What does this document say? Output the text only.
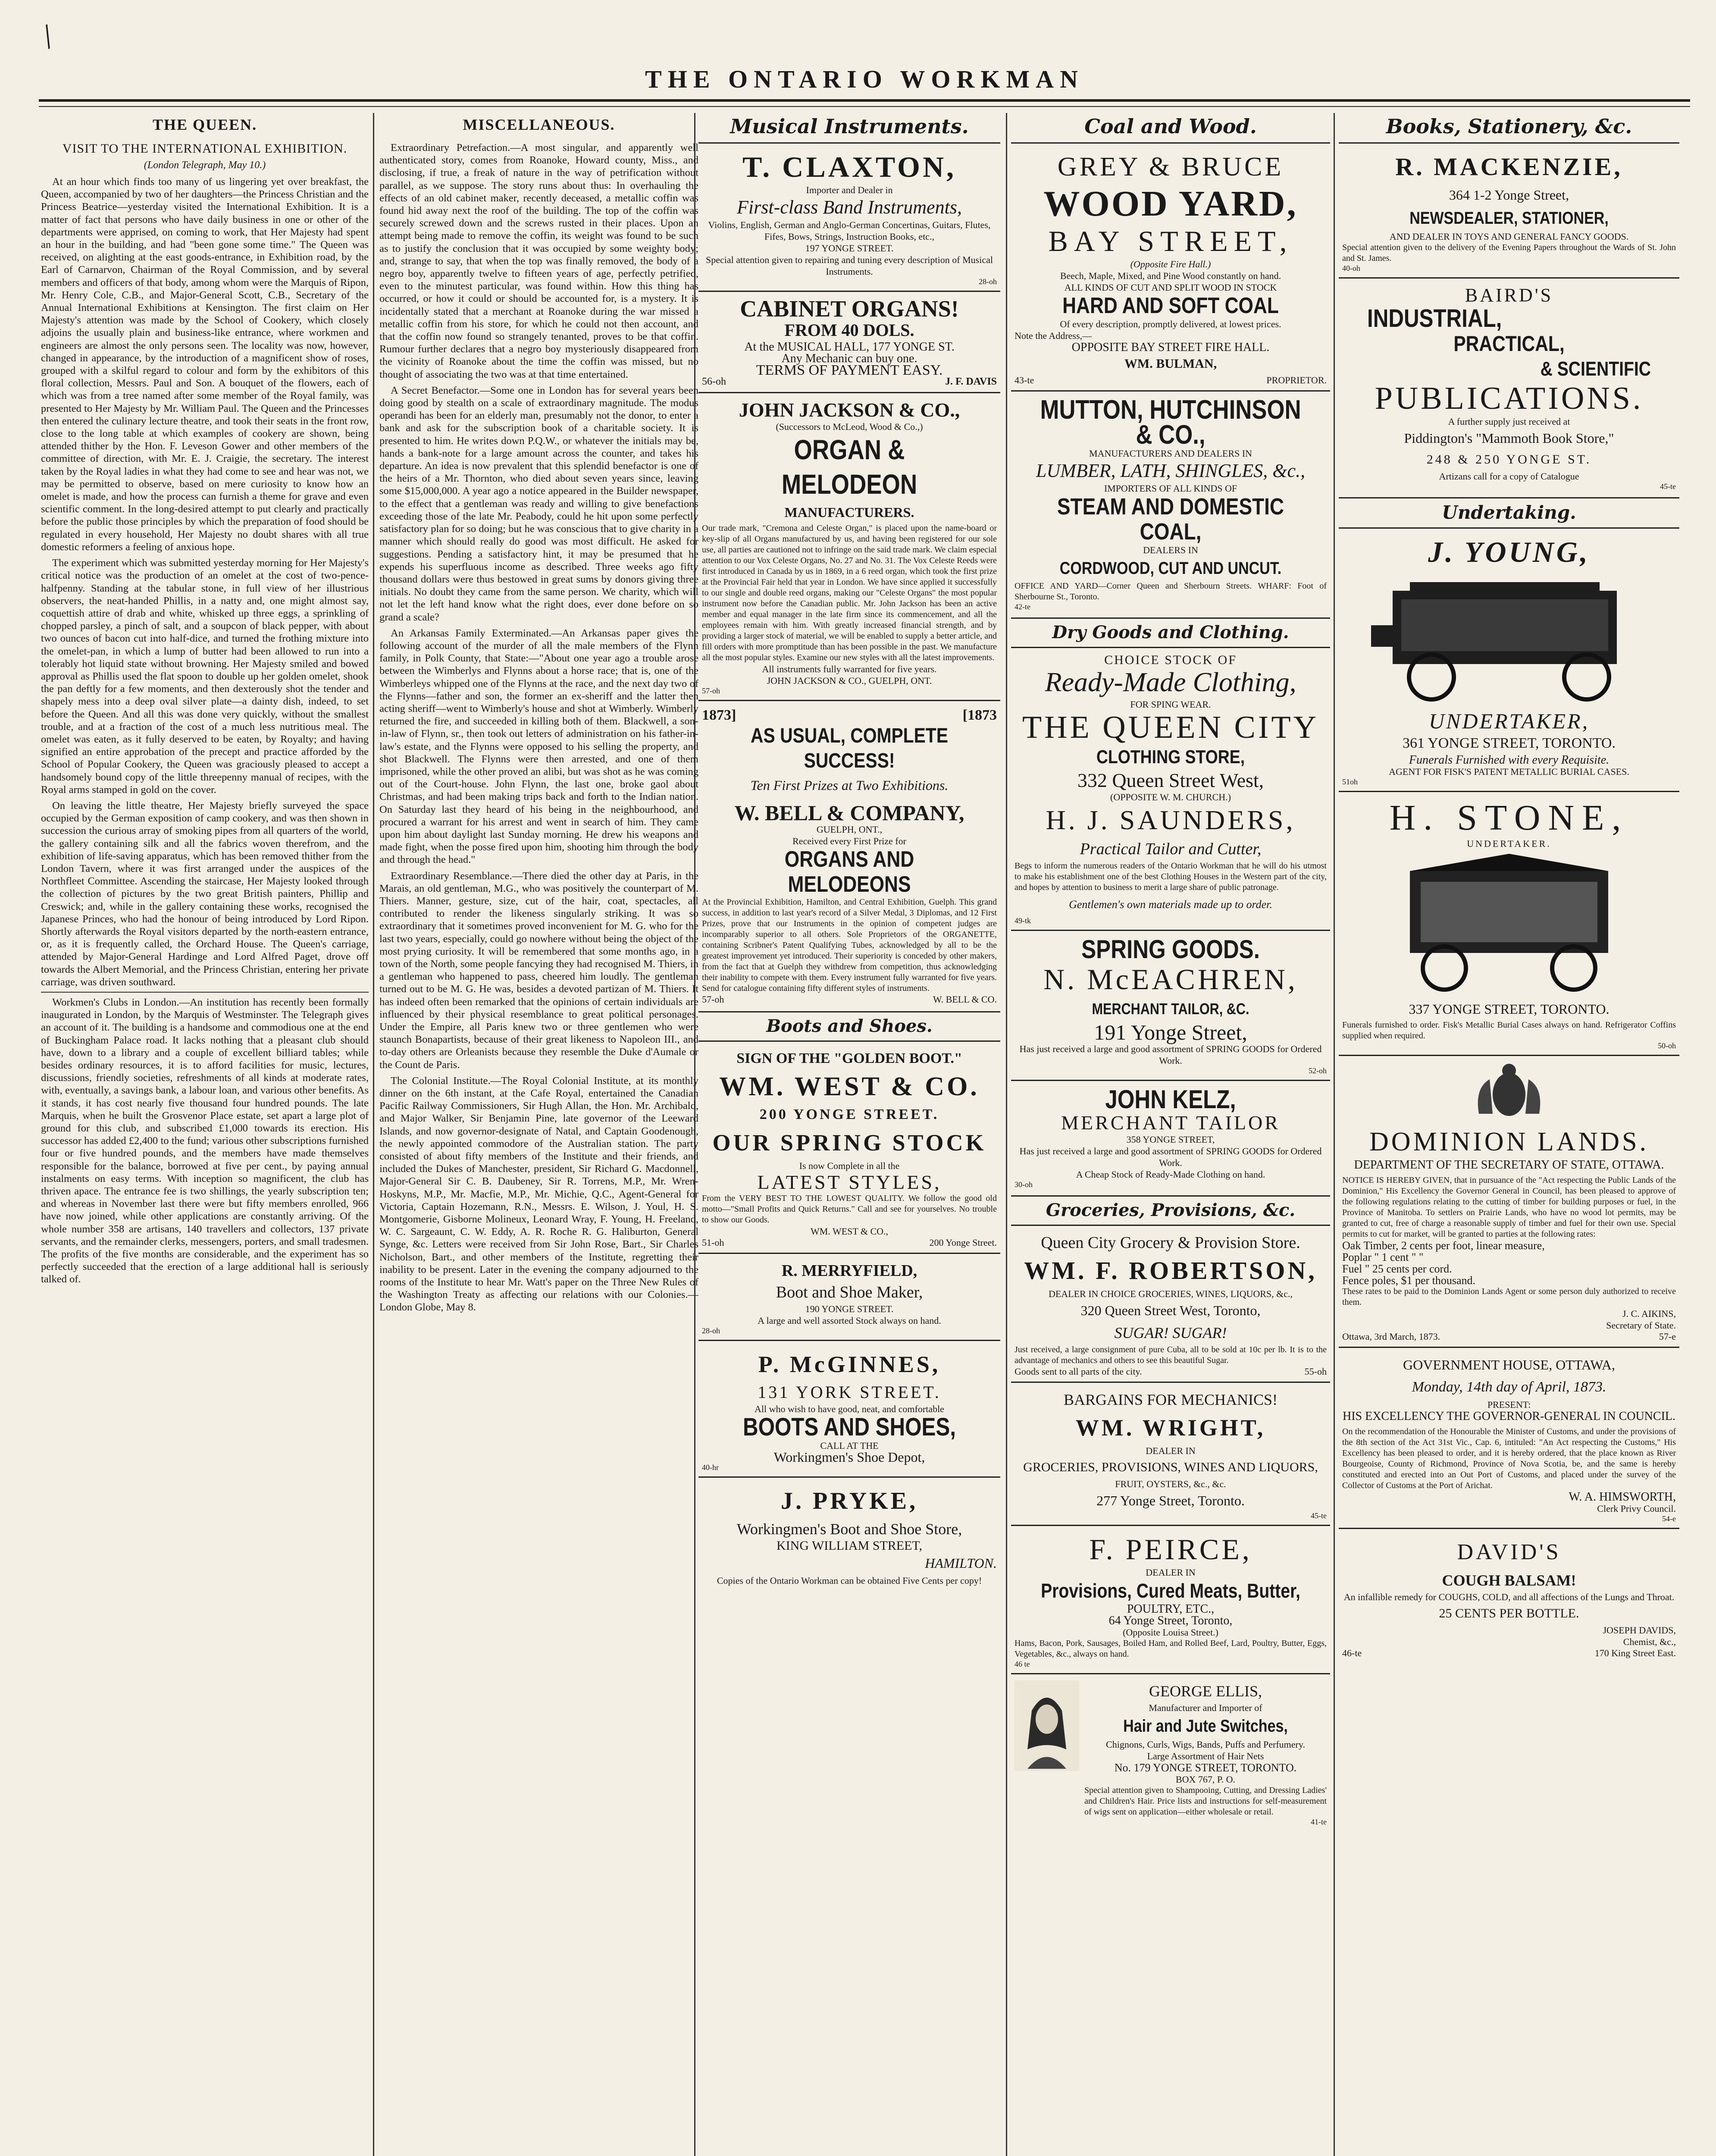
/
THE ONTARIO WORKMAN
THE QUEEN.
VISIT TO THE INTERNATIONAL EXHIBITION.
(London Telegraph, May 10.)

At an hour which finds too many of us lingering yet over breakfast, the Queen, accompanied by two of her daughters—the Princess Christian and the Princess Beatrice—yesterday visited the International Exhibition. It is a matter of fact that persons who have daily business in one or other of the departments were apprised, on coming to work, that Her Majesty had spent an hour in the building, and had "been gone some time." The Queen was received, on alighting at the east goods-entrance, in Exhibition road, by the Earl of Carnarvon, Chairman of the Royal Commission, and by several members and officers of that body, among whom were the Marquis of Ripon, Mr. Henry Cole, C.B., and Major-General Scott, C.B., Secretary of the Annual International Exhibitions at Kensington. The first claim on Her Majesty's attention was made by the School of Cookery, which closely adjoins the usually plain and business-like entrance, where workmen and engineers are almost the only persons seen. The locality was now, however, changed in appearance, by the introduction of a magnificent show of roses, grouped with a skilful regard to colour and form by the exhibitors of this floral collection, Messrs. Paul and Son. A bouquet of the flowers, each of which was from a tree named after some member of the Royal family, was presented to Her Majesty by Mr. William Paul. The Queen and the Princesses then entered the culinary lecture theatre, and took their seats in the front row, close to the long table at which examples of cookery are shown, being attended thither by the Hon. F. Leveson Gower and other members of the committee of direction, with Mr. E. J. Craigie, the secretary. The interest taken by the Royal ladies in what they had come to see and hear was not, we may be permitted to observe, based on mere curiosity to know how an omelet is made, and how the process can furnish a theme for grave and even scientific comment. In the long-desired attempt to put clearly and practically before the public those principles by which the preparation of food should be regulated in every household, Her Majesty no doubt shares with all true domestic reformers a feeling of anxious hope.

The experiment which was submitted yesterday morning for Her Majesty's critical notice was the production of an omelet at the cost of two-pence-halfpenny. Standing at the tabular stone, in full view of her illustrious observers, the neat-handed Phillis, in a natty and, one might almost say, coquettish attire of drab and white, whisked up three eggs, a sprinkling of chopped parsley, a pinch of salt, and a soupcon of black pepper, with about two ounces of bacon cut into half-dice, and turned the frothing mixture into the omelet-pan, in which a lump of butter had been allowed to run into a tolerably hot liquid state without browning. Her Majesty smiled and bowed approval as Phillis used the flat spoon to double up her golden omelet, shook the pan deftly for a few moments, and then dexterously shot the tender and shapely mess into a deep oval silver plate—a dainty dish, indeed, to set before the Queen. And all this was done very quickly, without the smallest trouble, and at a fraction of the cost of a much less nutritious meal. The omelet was eaten, as it fully deserved to be eaten, by Royalty; and having signified an entire approbation of the precept and practice afforded by the School of Popular Cookery, the Queen was graciously pleased to accept a handsomely bound copy of the little threepenny manual of recipes, with the Royal arms stamped in gold on the cover.

On leaving the little theatre, Her Majesty briefly surveyed the space occupied by the German exposition of camp cookery, and was then shown in succession the curious array of smoking pipes from all quarters of the world, the gallery containing silk and all the fabrics woven therefrom, and the exhibition of life-saving apparatus, which has been removed thither from the London Tavern, where it was first arranged under the auspices of the Northfleet Committee. Ascending the staircase, Her Majesty looked through the collection of pictures by the two great British painters, Phillip and Creswick; and, while in the gallery containing these works, recognised the Japanese Princes, who had the honour of being introduced by Lord Ripon. Shortly afterwards the Royal visitors departed by the north-eastern entrance, or, as it is frequently called, the Orchard House. The Queen's carriage, attended by Major-General Hardinge and Lord Alfred Paget, drove off towards the Albert Memorial, and the Princess Christian, entering her private carriage, was driven southward.

Workmen's Clubs in London.—An institution has recently been formally inaugurated in London, by the Marquis of Westminster. The Telegraph gives an account of it. The building is a handsome and commodious one at the end of Buckingham Palace road. It lacks nothing that a pleasant club should have, down to a library and a couple of excellent billiard tables; while besides ordinary resources, it is to afford facilities for music, lectures, discussions, friendly societies, refreshments of all kinds at moderate rates, with, eventually, a savings bank, a labour loan, and various other benefits. As it stands, it has cost nearly five thousand four hundred pounds. The late Marquis, when he built the Grosvenor Place estate, set apart a large plot of ground for this club, and subscribed £1,000 towards its erection. His successor has added £2,400 to the fund; various other subscriptions furnished four or five hundred pounds, and the members have made themselves responsible for the balance, borrowed at five per cent., by paying annual instalments on easy terms. With inception so magnificent, the club has thriven apace. The entrance fee is two shillings, the yearly subscription ten; and whereas in November last there were but fifty members enrolled, 966 have now joined, while other applications are constantly arriving. Of the whole number 358 are artisans, 140 travellers and collectors, 137 private servants, and the remainder clerks, messengers, porters, and small tradesmen. The profits of the five months are considerable, and the experiment has so perfectly succeeded that the erection of a large additional hall is seriously talked of.

MISCELLANEOUS.

Extraordinary Petrefaction.—A most singular, and apparently well authenticated story, comes from Roanoke, Howard county, Miss., and disclosing, if true, a freak of nature in the way of petrification without parallel, as we suppose. The story runs about thus: In overhauling the effects of an old cabinet maker, recently deceased, a metallic coffin was found hid away next the roof of the building. The top of the coffin was securely screwed down and the screws rusted in their places. Upon an attempt being made to remove the coffin, its weight was found to be such as to justify the conclusion that it was occupied by some weighty body; and, strange to say, that when the top was finally removed, the body of a negro boy, apparently twelve to fifteen years of age, perfectly petrified, even to the minutest particular, was found within. How this thing has occurred, or how it could or should be accounted for, is a mystery. It is incidentally stated that a merchant at Roanoke during the war missed a metallic coffin from his store, for which he could not then account, and that the coffin now found so strangely tenanted, proves to be that coffin. Rumour further declares that a negro boy mysteriously disappeared from the vicinity of Roanoke about the time the coffin was missed, but no thought of associating the two was at that time entertained.

A Secret Benefactor.—Some one in London has for several years been doing good by stealth on a scale of extraordinary magnitude. The modus operandi has been for an elderly man, presumably not the donor, to enter a bank and ask for the subscription book of a charitable society. It is presented to him. He writes down P.Q.W., or whatever the initials may be, hands a bank-note for a large amount across the counter, and takes his departure. An idea is now prevalent that this splendid benefactor is one of the heirs of a Mr. Thornton, who died about seven years since, leaving some $15,000,000. A year ago a notice appeared in the Builder newspaper, to the effect that a gentleman was ready and willing to give benefactions exceeding those of the late Mr. Peabody, could he hit upon some perfectly satisfactory plan for so doing; but he was conscious that to give charity in a manner which should really do good was most difficult. He asked for suggestions. Pending a satisfactory hint, it may be presumed that he expends his superfluous income as described. Three weeks ago fifty thousand dollars were thus bestowed in great sums by donors giving three initials. No doubt they came from the same person. We charity, which will not let the left hand know what the right does, ever done before on so grand a scale?

An Arkansas Family Exterminated.—An Arkansas paper gives the following account of the murder of all the male members of the Flynn family, in Polk County, that State:—"About one year ago a trouble arose between the Wimberlys and Flynns about a horse race; that is, one of the Wimberleys whipped one of the Flynns at the race, and the next day two of the Flynns—father and son, the former an ex-sheriff and the latter then acting sheriff—went to Wimberly's house and shot at Wimberly. Wimberly returned the fire, and succeeded in killing both of them. Blackwell, a son-in-law of Flynn, sr., then took out letters of administration on his father-in-law's estate, and the Flynns were opposed to his selling the property, and shot Blackwell. The Flynns were then arrested, and one of them imprisoned, while the other proved an alibi, but was shot as he was coming out of the Court-house. John Flynn, the last one, broke gaol about Christmas, and had been making trips back and forth to the Indian nation. On Saturday last they heard of his being in the neighbourhood, and procured a warrant for his arrest and went in search of him. They came upon him about daylight last Sunday morning. He drew his weapons and made fight, when the posse fired upon him, shooting him through the body and through the head."

Extraordinary Resemblance.—There died the other day at Paris, in the Marais, an old gentleman, M.G., who was positively the counterpart of M. Thiers. Manner, gesture, size, cut of the hair, coat, spectacles, all contributed to render the likeness singularly striking. It was so extraordinary that it sometimes proved inconvenient for M. G. who for the last two years, especially, could go nowhere without being the object of the most prying curiosity. It will be remembered that some months ago, in a town of the North, some people fancying they had recognised M. Thiers, in a gentleman who happened to pass, cheered him loudly. The gentleman turned out to be M. G. He was, besides a devoted partizan of M. Thiers. It has indeed often been remarked that the opinions of certain individuals are influenced by their physical resemblance to great political personages. Under the Empire, all Paris knew two or three gentlemen who were staunch Bonapartists, because of their great likeness to Napoleon III., and to-day others are Orleanists because they resemble the Duke d'Aumale or the Count de Paris.

The Colonial Institute.—The Royal Colonial Institute, at its monthly dinner on the 6th instant, at the Cafe Royal, entertained the Canadian Pacific Railway Commissioners, Sir Hugh Allan, the Hon. Mr. Archibald, and Major Walker, Sir Benjamin Pine, late governor of the Leeward Islands, and now governor-designate of Natal, and Captain Goodenough, the newly appointed commodore of the Australian station. The party consisted of about fifty members of the Institute and their friends, and included the Dukes of Manchester, president, Sir Richard G. Macdonnell, Major-General Sir C. B. Daubeney, Sir R. Torrens, M.P., Mr. Wren-Hoskyns, M.P., Mr. Macfie, M.P., Mr. Michie, Q.C., Agent-General for Victoria, Captain Hozemann, R.N., Messrs. E. Wilson, J. Youl, H. S. Montgomerie, Gisborne Molineux, Leonard Wray, F. Young, H. Freeland, W. C. Sargeaunt, C. W. Eddy, A. R. Roche R. G. Haliburton, General Synge, &c. Letters were received from Sir John Rose, Bart., Sir Charles Nicholson, Bart., and other members of the Institute, regretting their inability to be present. Later in the evening the company adjourned to the rooms of the Institute to hear Mr. Watt's paper on the Three New Rules of the Washington Treaty as affecting our relations with our Colonies.—London Globe, May 8.

Musical Instruments.
T. CLAXTON,
Importer and Dealer in
First-class Band Instruments,
Violins, English, German and Anglo-German Concertinas, Guitars, Flutes, Fifes, Bows, Strings, Instruction Books, etc.,
197 YONGE STREET.
Special attention given to repairing and tuning every description of Musical Instruments.
28-oh
CABINET ORGANS!
FROM 40 DOLS.
At the MUSICAL HALL, 177 YONGE ST.
Any Mechanic can buy one.
TERMS OF PAYMENT EASY.
56-oh	J. F. DAVIS
JOHN JACKSON & CO.,
(Successors to McLeod, Wood & Co.,)
ORGAN & MELODEON
MANUFACTURERS.
Our trade mark, "Cremona and Celeste Organ," is placed upon the name-board or key-slip of all Organs manufactured by us, and having been registered for our sole use, all parties are cautioned not to infringe on the said trade mark. We claim especial attention to our Vox Celeste Organs, No. 27 and No. 31. The Vox Celeste Reeds were first introduced in Canada by us in 1869, in a 6 reed organ, which took the first prize at the Provincial Fair held that year in London. We have since applied it successfully to our single and double reed organs, making our "Celeste Organs" the most popular instrument now before the Canadian public. Mr. John Jackson has been an active member and equal manager in the late firm since its commencement, and all the employees remain with him. With greatly increased financial strength, and by providing a larger stock of material, we will be enabled to supply a better article, and fill orders with more promptitude than has been possible in the past. We manufacture all the most popular styles. Examine our new styles with all the latest improvements.
All instruments fully warranted for five years.
JOHN JACKSON & CO., GUELPH, ONT.
57-oh
1873]	[1873
AS USUAL, COMPLETE SUCCESS!
Ten First Prizes at Two Exhibitions.
W. BELL & COMPANY,
GUELPH, ONT.,
Received every First Prize for
ORGANS AND MELODEONS
At the Provincial Exhibition, Hamilton, and Central Exhibition, Guelph. This grand success, in addition to last year's record of a Silver Medal, 3 Diplomas, and 12 First Prizes, prove that our Instruments in the opinion of competent judges are incomparably superior to all others. Sole Proprietors of the ORGANETTE, containing Scribner's Patent Qualifying Tubes, acknowledged by all to be the greatest improvement yet introduced. Their superiority is conceded by other makers, from the fact that at Guelph they withdrew from competition, thus acknowledging their inability to compete with them. Every instrument fully warranted for five years. Send for catalogue containing fifty different styles of instruments.
57-oh	W. BELL & CO.
Boots and Shoes.
SIGN OF THE "GOLDEN BOOT."
WM. WEST & CO.
200 YONGE STREET.
OUR SPRING STOCK
Is now Complete in all the
LATEST STYLES,
From the VERY BEST TO THE LOWEST QUALITY. We follow the good old motto—"Small Profits and Quick Returns." Call and see for yourselves. No trouble to show our Goods.
WM. WEST & CO.,
51-oh	200 Yonge Street.
R. MERRYFIELD,
Boot and Shoe Maker,
190 YONGE STREET.
A large and well assorted Stock always on hand.
28-oh
P. McGINNES,
131 YORK STREET.
All who wish to have good, neat, and comfortable
BOOTS AND SHOES,
CALL AT THE
Workingmen's Shoe Depot,
40-hr
J. PRYKE,
Workingmen's Boot and Shoe Store,
KING WILLIAM STREET,
HAMILTON.
Copies of the Ontario Workman can be obtained Five Cents per copy!
Coal and Wood.
GREY & BRUCE
WOOD YARD,
BAY STREET,
(Opposite Fire Hall.)
Beech, Maple, Mixed, and Pine Wood constantly on hand.
ALL KINDS OF CUT AND SPLIT WOOD IN STOCK
HARD AND SOFT COAL
Of every description, promptly delivered, at lowest prices.
Note the Address,—
OPPOSITE BAY STREET FIRE HALL.
WM. BULMAN,
43-te	PROPRIETOR.
MUTTON, HUTCHINSON & CO.,
MANUFACTURERS AND DEALERS IN
LUMBER, LATH, SHINGLES, &c.,
IMPORTERS OF ALL KINDS OF
STEAM AND DOMESTIC COAL,
DEALERS IN
CORDWOOD, CUT AND UNCUT.
OFFICE AND YARD—Corner Queen and Sherbourn Streets. WHARF: Foot of Sherbourne St., Toronto.
42-te
Dry Goods and Clothing.
CHOICE STOCK OF
Ready-Made Clothing,
FOR SPING WEAR.
THE QUEEN CITY
CLOTHING STORE,
332 Queen Street West,
(OPPOSITE W. M. CHURCH.)
H. J. SAUNDERS,
Practical Tailor and Cutter,
Begs to inform the numerous readers of the Ontario Workman that he will do his utmost to make his establishment one of the best Clothing Houses in the Western part of the city, and hopes by attention to business to merit a large share of public patronage.
Gentlemen's own materials made up to order.
49-tk
SPRING GOODS.
N. McEACHREN,
MERCHANT TAILOR, &C.
191 Yonge Street,
Has just received a large and good assortment of SPRING GOODS for Ordered Work.
52-oh
JOHN KELZ,
MERCHANT TAILOR
358 YONGE STREET,
Has just received a large and good assortment of SPRING GOODS for Ordered Work.
A Cheap Stock of Ready-Made Clothing on hand.
30-oh
Groceries, Provisions, &c.
Queen City Grocery & Provision Store.
WM. F. ROBERTSON,
DEALER IN CHOICE GROCERIES, WINES, LIQUORS, &c.,
320 Queen Street West, Toronto,
SUGAR! SUGAR!
Just received, a large consignment of pure Cuba, all to be sold at 10c per lb. It is to the advantage of mechanics and others to see this beautiful Sugar.
Goods sent to all parts of the city.	55-oh
BARGAINS FOR MECHANICS!
WM. WRIGHT,
DEALER IN
GROCERIES, PROVISIONS, WINES AND LIQUORS,
FRUIT, OYSTERS, &c., &c.
277 Yonge Street, Toronto.
45-te
F. PEIRCE,
DEALER IN
Provisions, Cured Meats, Butter,
POULTRY, ETC.,
64 Yonge Street, Toronto,
(Opposite Louisa Street.)
Hams, Bacon, Pork, Sausages, Boiled Ham, and Rolled Beef, Lard, Poultry, Butter, Eggs, Vegetables, &c., always on hand.
46 te
GEORGE ELLIS,
Manufacturer and Importer of
Hair and Jute Switches,
Chignons, Curls, Wigs, Bands, Puffs and Perfumery.
Large Assortment of Hair Nets
No. 179 YONGE STREET, TORONTO.
BOX 767, P. O.
Special attention given to Shampooing, Cutting, and Dressing Ladies' and Children's Hair. Price lists and instructions for self-measurement of wigs sent on application—either wholesale or retail.
41-te
Books, Stationery, &c.
R. MACKENZIE,
364 1-2 Yonge Street,
NEWSDEALER, STATIONER,
AND DEALER IN TOYS AND GENERAL FANCY GOODS.
Special attention given to the delivery of the Evening Papers throughout the Wards of St. John and St. James.
40-oh
BAIRD'S
INDUSTRIAL,
PRACTICAL,
& SCIENTIFIC
PUBLICATIONS.
A further supply just received at
Piddington's "Mammoth Book Store,"
248 & 250 YONGE ST.
Artizans call for a copy of Catalogue
45-te
Undertaking.
J. YOUNG,
UNDERTAKER,
361 YONGE STREET, TORONTO.
Funerals Furnished with every Requisite.
AGENT FOR FISK'S PATENT METALLIC BURIAL CASES.
51oh
H. STONE,
UNDERTAKER.
337 YONGE STREET, TORONTO.
Funerals furnished to order. Fisk's Metallic Burial Cases always on hand. Refrigerator Coffins supplied when required.
50-oh
DOMINION LANDS.
DEPARTMENT OF THE SECRETARY OF STATE, OTTAWA.
NOTICE IS HEREBY GIVEN, that in pursuance of the "Act respecting the Public Lands of the Dominion," His Excellency the Governor General in Council, has been pleased to approve of the following regulations relating to the cutting of timber for building purposes or fuel, in the Province of Manitoba. To settlers on Prairie Lands, who have no wood lot permits, may be granted to cut, free of charge a reasonable supply of timber and fuel for their own use. Special permits to cut for market, will be granted to parties at the following rates:
Oak Timber, 2 cents per foot, linear measure,
Poplar " 1 cent " "
Fuel " 25 cents per cord.
Fence poles, $1 per thousand.
These rates to be paid to the Dominion Lands Agent or some person duly authorized to receive them.
J. C. AIKINS,
Secretary of State.
Ottawa, 3rd March, 1873.	57-e
GOVERNMENT HOUSE, OTTAWA,
Monday, 14th day of April, 1873.
PRESENT:
HIS EXCELLENCY THE GOVERNOR-GENERAL IN COUNCIL.
On the recommendation of the Honourable the Minister of Customs, and under the provisions of the 8th section of the Act 31st Vic., Cap. 6, intituled: "An Act respecting the Customs," His Excellency has been pleased to order, and it is hereby ordered, that the place known as River Bourgeoise, County of Richmond, Province of Nova Scotia, be, and the same is hereby constituted and erected into an Out Port of Customs, and placed under the survey of the Collector of Customs at the Port of Arichat.
W. A. HIMSWORTH,
Clerk Privy Council.
54-e
DAVID'S
COUGH BALSAM!
An infallible remedy for COUGHS, COLD, and all affections of the Lungs and Throat.
25 CENTS PER BOTTLE.
JOSEPH DAVIDS,
Chemist, &c.,
46-te	170 King Street East.
